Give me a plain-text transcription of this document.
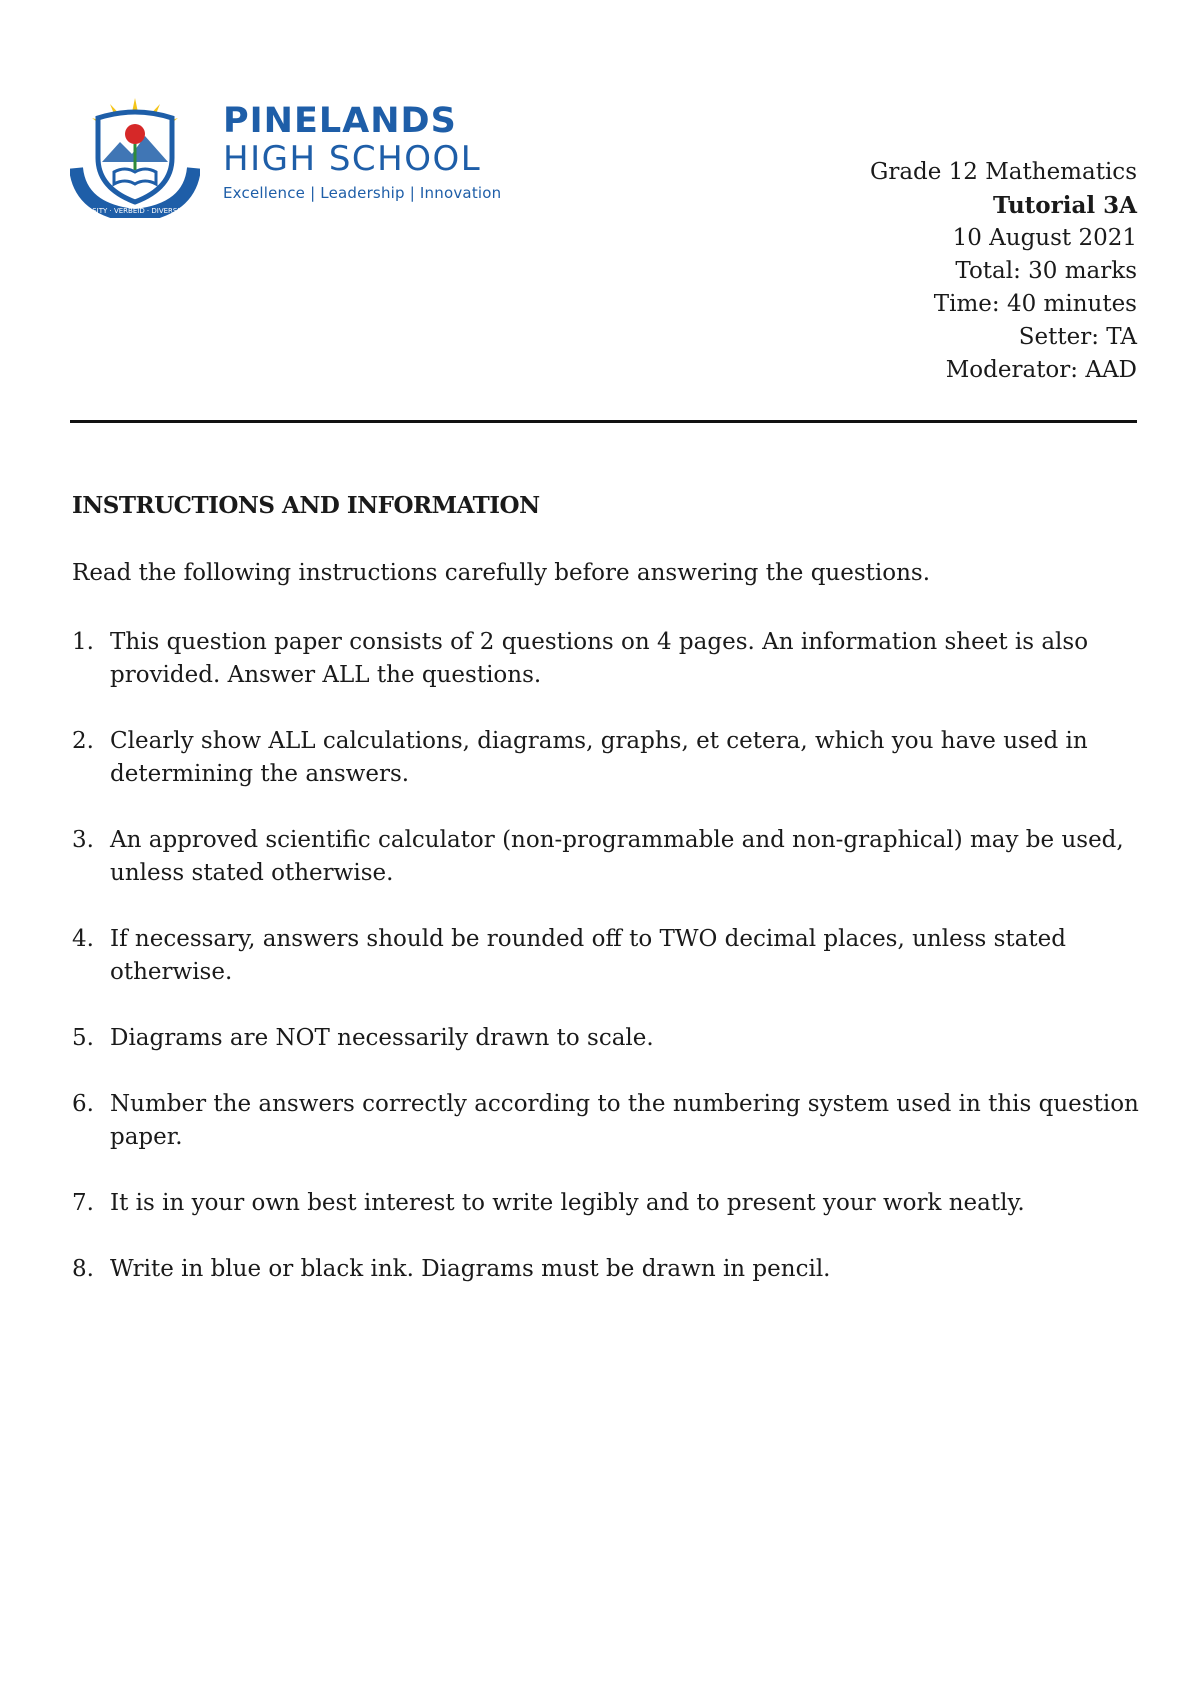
DIVERSITY · VERBEID · DIVERSIDADE
PINELANDS
HIGH SCHOOL
Excellence | Leadership | Innovation
Grade 12 Mathematics
Tutorial 3A
10 August 2021
Total: 30 marks
Time: 40 minutes
Setter: TA
Moderator: AAD
INSTRUCTIONS AND INFORMATION
Read the following instructions carefully before answering the questions.
1. This question paper consists of 2 questions on 4 pages. An information sheet is also provided. Answer ALL the questions.
2. Clearly show ALL calculations, diagrams, graphs, et cetera, which you have used in determining the answers.
3. An approved scientific calculator (non-programmable and non-graphical) may be used, unless stated otherwise.
4. If necessary, answers should be rounded off to TWO decimal places, unless stated otherwise.
5. Diagrams are NOT necessarily drawn to scale.
6. Number the answers correctly according to the numbering system used in this question paper.
7. It is in your own best interest to write legibly and to present your work neatly.
8. Write in blue or black ink. Diagrams must be drawn in pencil.
